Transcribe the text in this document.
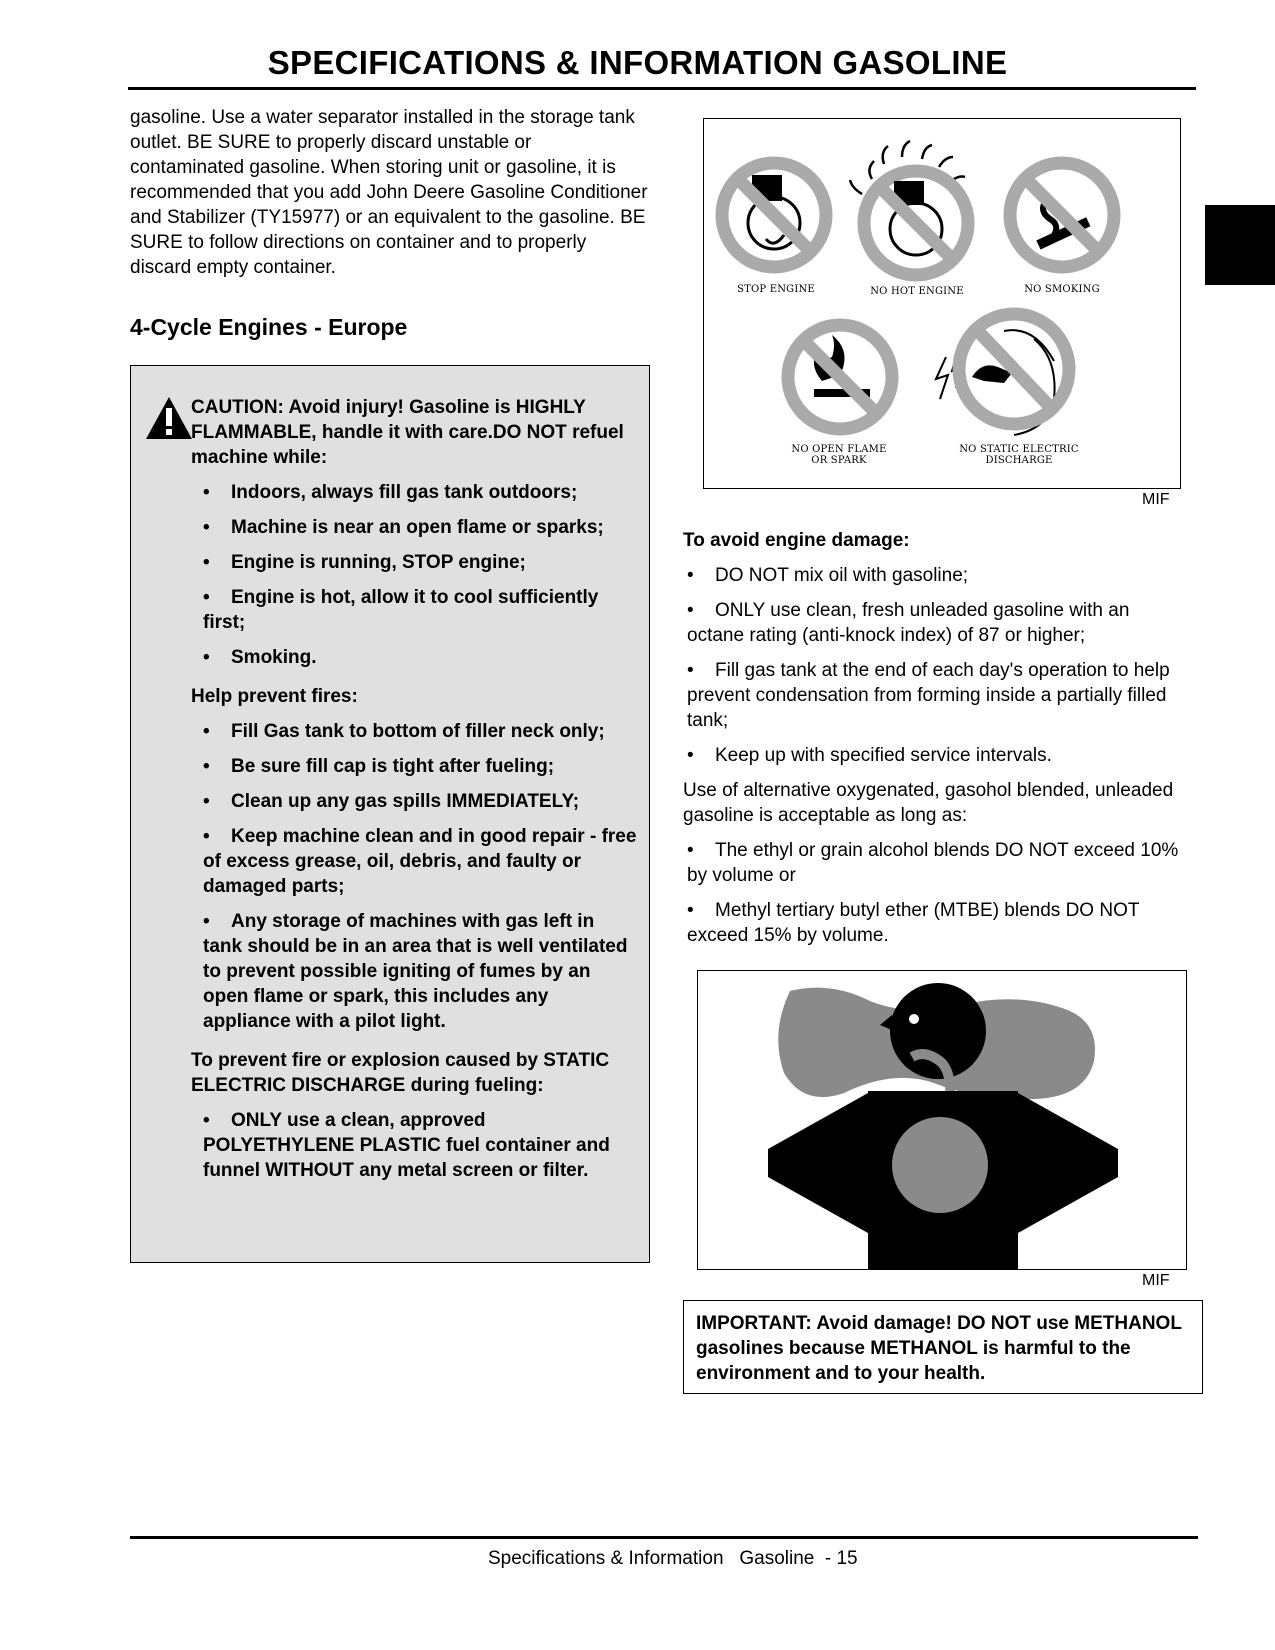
SPECIFICATIONS & INFORMATION GASOLINE
gasoline. Use a water separator installed in the storage tank outlet. BE SURE to properly discard unstable or contaminated gasoline. When storing unit or gasoline, it is recommended that you add John Deere Gasoline Conditioner and Stabilizer (TY15977) or an equivalent to the gasoline. BE SURE to follow directions on container and to properly discard empty container.
4-Cycle Engines - Europe

CAUTION: Avoid injury! Gasoline is HIGHLY FLAMMABLE, handle it with care.DO NOT refuel machine while:

• Indoors, always fill gas tank outdoors;

• Machine is near an open flame or sparks;

• Engine is running, STOP engine;

• Engine is hot, allow it to cool sufficiently first;

• Smoking.

Help prevent fires:

• Fill Gas tank to bottom of filler neck only;

• Be sure fill cap is tight after fueling;

• Clean up any gas spills IMMEDIATELY;

• Keep machine clean and in good repair - free of excess grease, oil, debris, and faulty or damaged parts;

• Any storage of machines with gas left in tank should be in an area that is well ventilated to prevent possible igniting of fumes by an open flame or spark, this includes any appliance with a pilot light.

To prevent fire or explosion caused by STATIC ELECTRIC DISCHARGE during fueling:

• ONLY use a clean, approved POLYETHYLENE PLASTIC fuel container and funnel WITHOUT any metal screen or filter.

STOP ENGINE	NO HOT ENGINE	NO SMOKING
NO OPEN FLAME OR SPARK
NO STATIC ELECTRIC DISCHARGE
MIF

To avoid engine damage:

• DO NOT mix oil with gasoline;

• ONLY use clean, fresh unleaded gasoline with an octane rating (anti-knock index) of 87 or higher;

• Fill gas tank at the end of each day's operation to help prevent condensation from forming inside a partially filled tank;

• Keep up with specified service intervals.

Use of alternative oxygenated, gasohol blended, unleaded gasoline is acceptable as long as:

• The ethyl or grain alcohol blends DO NOT exceed 10% by volume or

• Methyl tertiary butyl ether (MTBE) blends DO NOT exceed 15% by volume.

MIF
IMPORTANT: Avoid damage! DO NOT use METHANOL gasolines because METHANOL is harmful to the environment and to your health.
Specifications & Information   Gasoline  - 15
